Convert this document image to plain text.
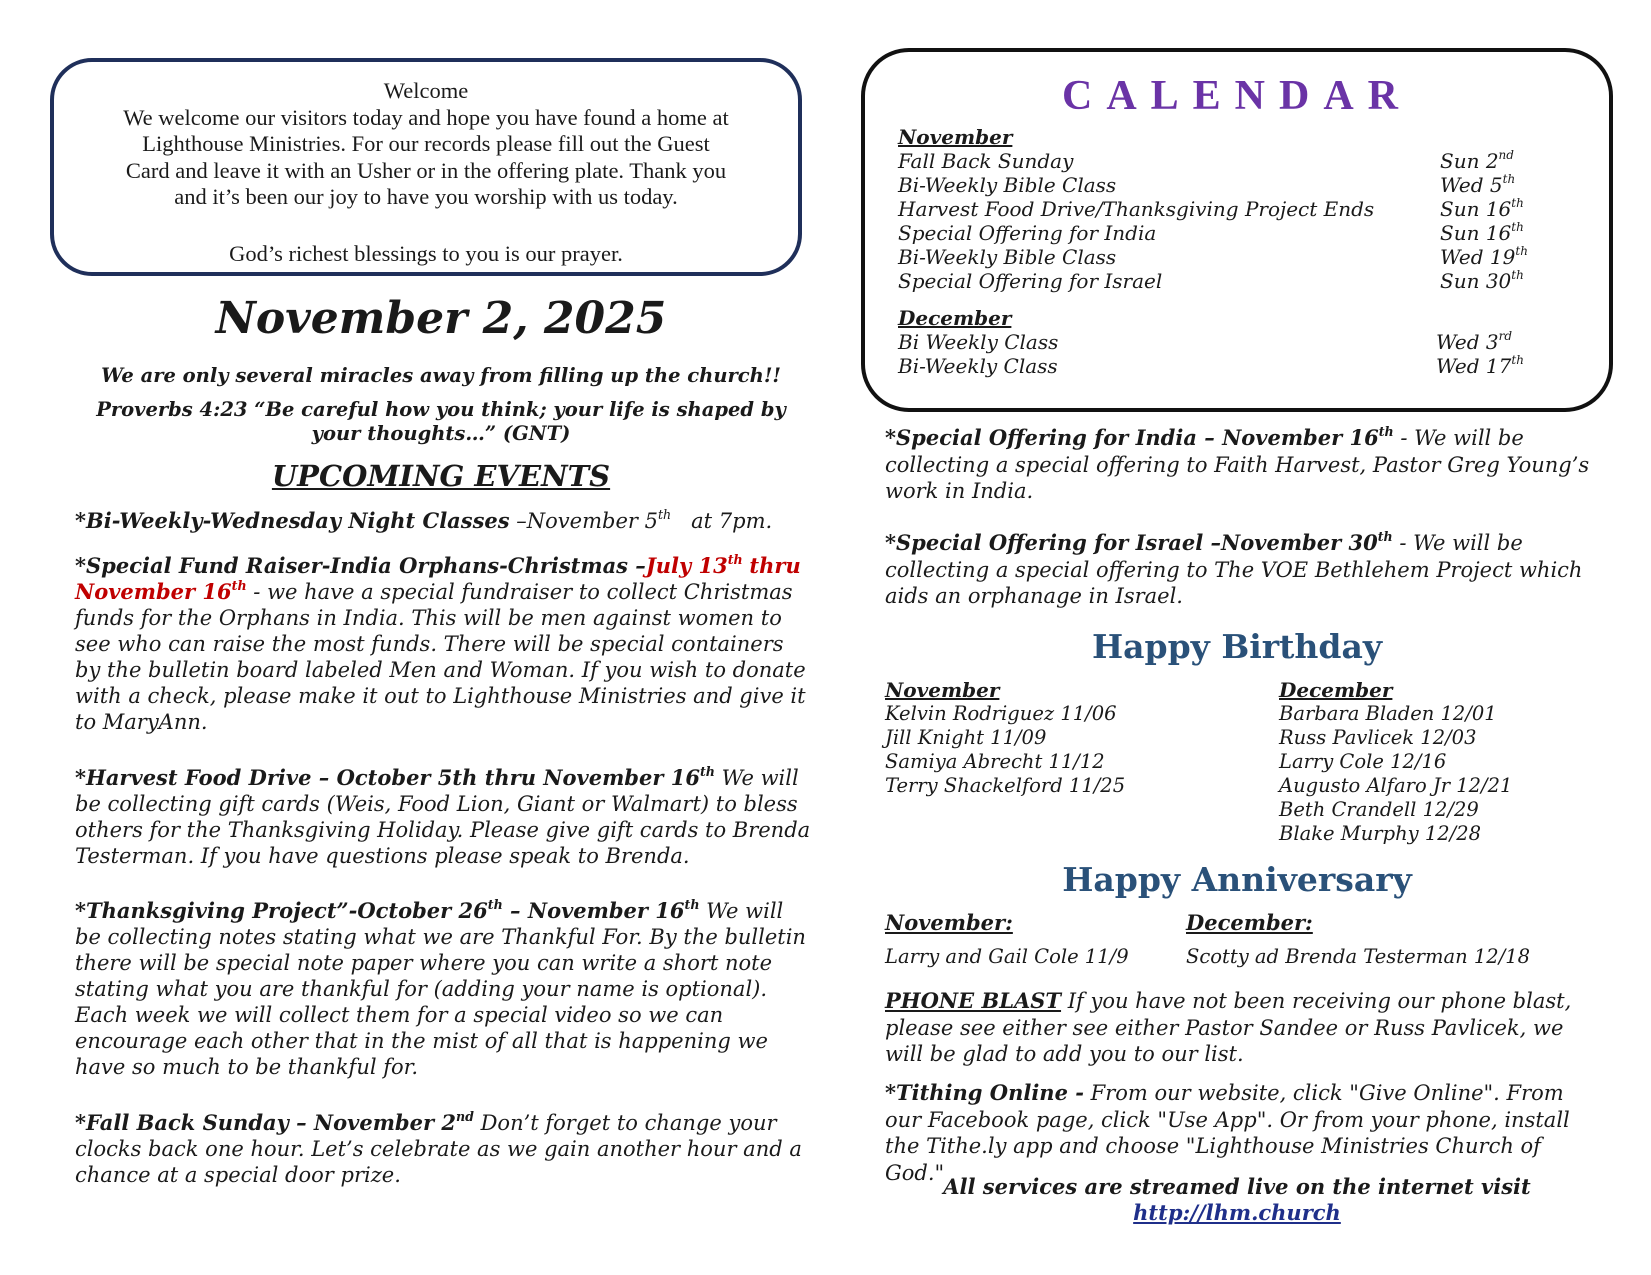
Welcome

We welcome our visitors today and hope you have found a home at

Lighthouse Ministries. For our records please fill out the Guest

Card and leave it with an Usher or in the offering plate. Thank you

and it’s been our joy to have you worship with us today.

God’s richest blessings to you is our prayer.

November 2, 2025
We are only several miracles away from filling up the church!!
Proverbs 4:23 “Be careful how you think; your life is shaped by your thoughts…” (GNT)
UPCOMING EVENTS
*Bi-Weekly-Wednesday Night Classes –November 5th   at 7pm.
*Special Fund Raiser-India Orphans-Christmas –July 13th thru November 16th - we have a special fundraiser to collect Christmas funds for the Orphans in India. This will be men against women to see who can raise the most funds. There will be special containers by the bulletin board labeled Men and Woman. If you wish to donate with a check, please make it out to Lighthouse Ministries and give it to MaryAnn.
*Harvest Food Drive – October 5th thru November 16th We will be collecting gift cards (Weis, Food Lion, Giant or Walmart) to bless others for the Thanksgiving Holiday. Please give gift cards to Brenda Testerman. If you have questions please speak to Brenda.
*Thanksgiving Project”-October 26th – November 16th We will be collecting notes stating what we are Thankful For. By the bulletin there will be special note paper where you can write a short note stating what you are thankful for (adding your name is optional). Each week we will collect them for a special video so we can encourage each other that in the mist of all that is happening we have so much to be thankful for.
*Fall Back Sunday – November 2nd Don’t forget to change your clocks back one hour. Let’s celebrate as we gain another hour and a chance at a special door prize.
CALENDAR
November
Fall Back Sunday	Sun 2nd
Bi-Weekly Bible Class	Wed 5th
Harvest Food Drive/Thanksgiving Project Ends	Sun 16th
Special Offering for India	Sun 16th
Bi-Weekly Bible Class	Wed 19th
Special Offering for Israel	Sun 30th
December
Bi Weekly Class	Wed 3rd
Bi-Weekly Class	Wed 17th
*Special Offering for India – November 16th - We will be collecting a special offering to Faith Harvest, Pastor Greg Young’s work in India.
*Special Offering for Israel –November 30th - We will be collecting a special offering to The VOE Bethlehem Project which aids an orphanage in Israel.
Happy Birthday
November
Kelvin Rodriguez 11/06
Jill Knight 11/09
Samiya Abrecht 11/12
Terry Shackelford 11/25
December
Barbara Bladen 12/01
Russ Pavlicek 12/03
Larry Cole 12/16
Augusto Alfaro Jr 12/21
Beth Crandell 12/29
Blake Murphy 12/28
Happy Anniversary
November:
Larry and Gail Cole 11/9
December:
Scotty ad Brenda Testerman 12/18
PHONE BLAST If you have not been receiving our phone blast, please see either see either Pastor Sandee or Russ Pavlicek, we will be glad to add you to our list.
*Tithing Online - From our website, click "Give Online". From our Facebook page, click "Use App". Or from your phone, install the Tithe.ly app and choose "Lighthouse Ministries Church of God."
All services are streamed live on the internet visit
http://lhm.church
